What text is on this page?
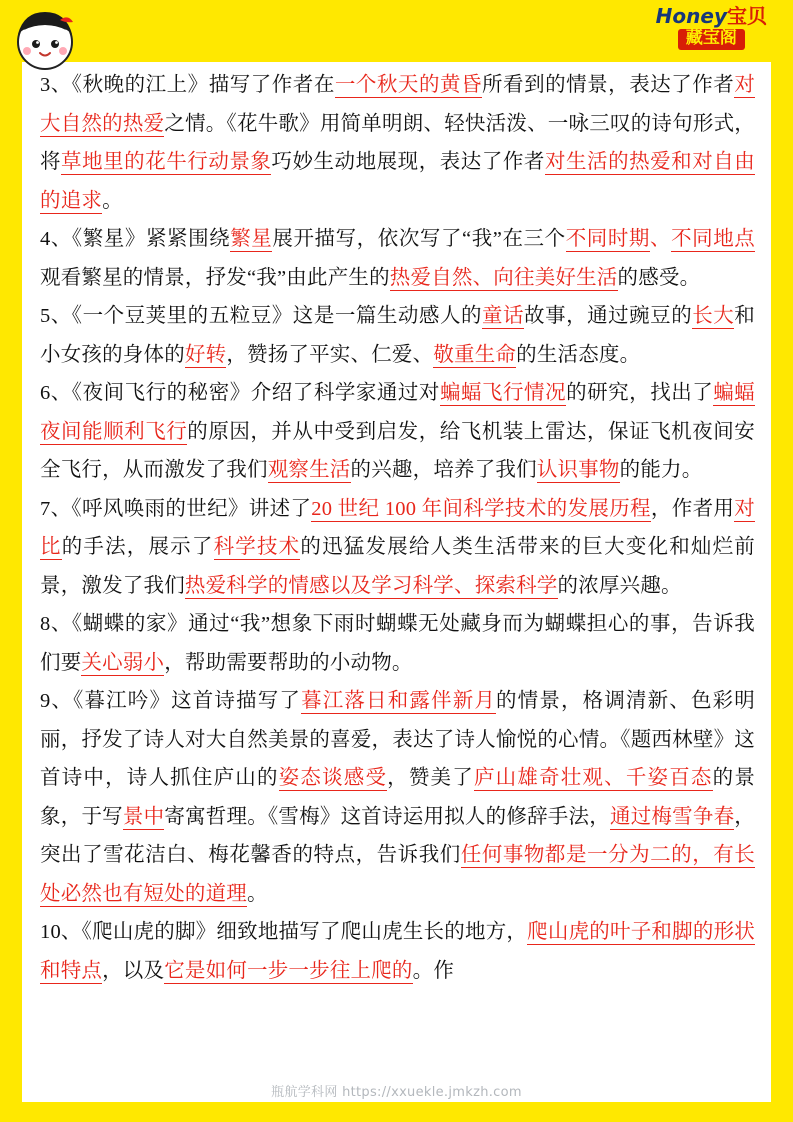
Honey宝贝
藏宝阁
3、《秋晚的江上》描写了作者在一个秋天的黄昏所看到的情景，表达了作者对大自然的热爱之情。《花牛歌》用简单明朗、轻快活泼、一咏三叹的诗句形式，将草地里的花牛行动景象巧妙生动地展现，表达了作者对生活的热爱和对自由的追求。
4、《繁星》紧紧围绕繁星展开描写，依次写了“我”在三个不同时期、不同地点观看繁星的情景，抒发“我”由此产生的热爱自然、向往美好生活的感受。
5、《一个豆荚里的五粒豆》这是一篇生动感人的童话故事，通过豌豆的长大和小女孩的身体的好转，赞扬了平实、仁爱、敬重生命的生活态度。
6、《夜间飞行的秘密》介绍了科学家通过对蝙蝠飞行情况的研究，找出了蝙蝠夜间能顺利飞行的原因，并从中受到启发，给飞机装上雷达，保证飞机夜间安全飞行，从而激发了我们观察生活的兴趣，培养了我们认识事物的能力。
7、《呼风唤雨的世纪》讲述了20 世纪 100 年间科学技术的发展历程，作者用对比的手法，展示了科学技术的迅猛发展给人类生活带来的巨大变化和灿烂前景，激发了我们热爱科学的情感以及学习科学、探索科学的浓厚兴趣。
8、《蝴蝶的家》通过“我”想象下雨时蝴蝶无处藏身而为蝴蝶担心的事，告诉我们要关心弱小，帮助需要帮助的小动物。
9、《暮江吟》这首诗描写了暮江落日和露伴新月的情景，格调清新、色彩明丽，抒发了诗人对大自然美景的喜爱，表达了诗人愉悦的心情。《题西林壁》这首诗中，诗人抓住庐山的姿态谈感受，赞美了庐山雄奇壮观、千姿百态的景象，于写景中寄寓哲理。《雪梅》这首诗运用拟人的修辞手法，通过梅雪争春，突出了雪花洁白、梅花馨香的特点，告诉我们任何事物都是一分为二的，有长处必然也有短处的道理。
10、《爬山虎的脚》细致地描写了爬山虎生长的地方，爬山虎的叶子和脚的形状和特点，以及它是如何一步一步往上爬的。作
瓶航学科网 https://xxuekle.jmkzh.com
